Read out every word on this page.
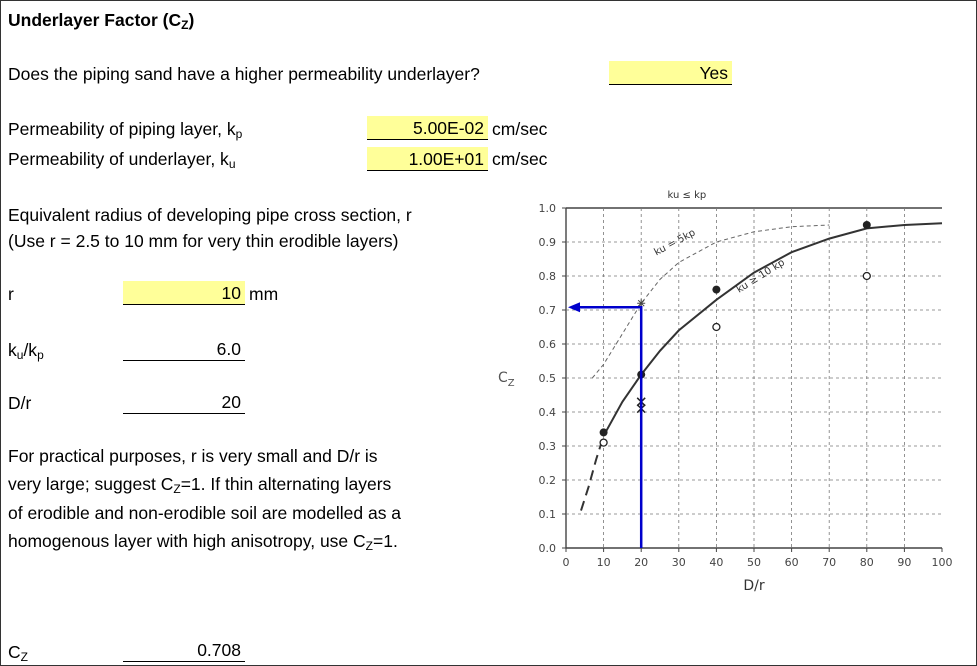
Underlayer Factor $(C_Z)$
Does the piping sand have a higher permeability underlayer?	Yes
Permeability of piping layer, $k_p$	5.00E-02 cm/sec
Permeability of underlayer, $k_u$	1.00E+01 cm/sec
Equivalent radius of developing pipe cross section, r
(Use r = 2.5 to 10 mm for very thin erodible layers)
r	10 mm
$k_u/k_p$	6.0
D/r	20
For practical purposes, r is very small and D/r is
very large; suggest $C_Z=1$. If thin alternating layers
of erodible and non-erodible soil are modelled as a
homogenous layer with high anisotropy, use $C_Z=1$.
$C_Z$	0.708
0.0
0.1
0.2
0.3
0.4
0.5
0.6
0.7
0.8
0.9
1.0
0 10 20 30 40 50 60 70 80 90 100
ku ≤ kp
ku = 5kp
ku ≥ 10 kp
D/r
$C_Z$
